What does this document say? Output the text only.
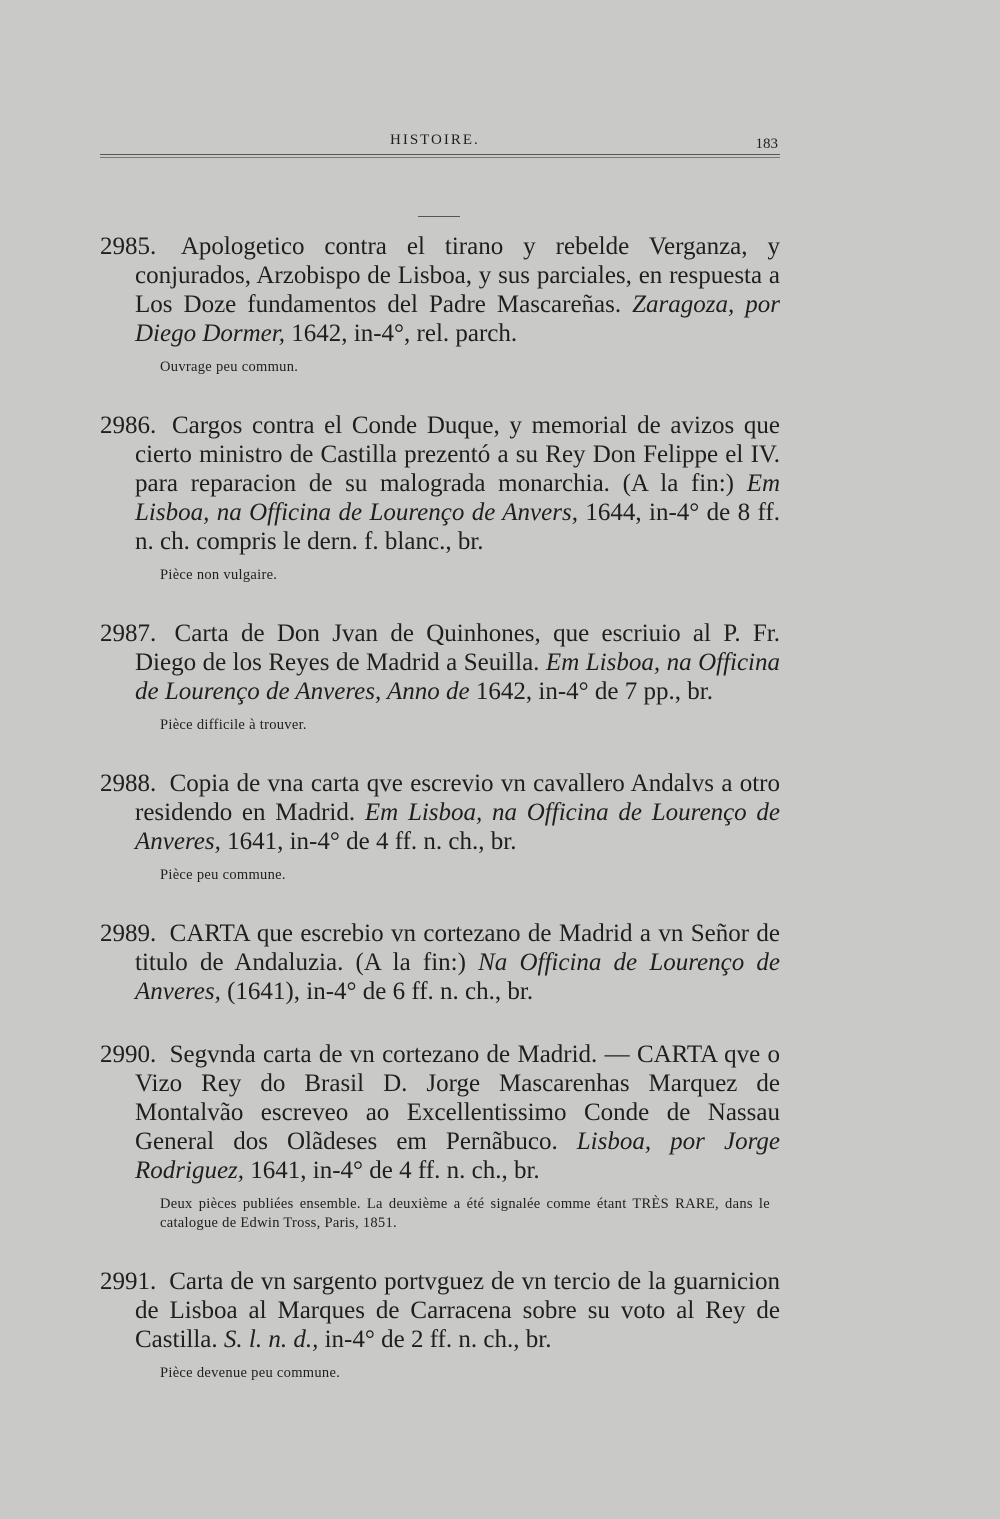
HISTOIRE.	183
2985. Apologetico contra el tirano y rebelde Verganza, y conjurados, Arzobispo de Lisboa, y sus parciales, en respuesta a Los Doze fundamentos del Padre Mascareñas. Zaragoza, por Diego Dormer, 1642, in-4°, rel. parch.
Ouvrage peu commun.
2986. Cargos contra el Conde Duque, y memorial de avizos que cierto ministro de Castilla prezentó a su Rey Don Felippe el IV. para reparacion de su malograda monarchia. (A la fin:) Em Lisboa, na Officina de Lourenço de Anvers, 1644, in-4° de 8 ff. n. ch. compris le dern. f. blanc., br.
Pièce non vulgaire.
2987. Carta de Don Jvan de Quinhones, que escriuio al P. Fr. Diego de los Reyes de Madrid a Seuilla. Em Lisboa, na Officina de Lourenço de Anveres, Anno de 1642, in-4° de 7 pp., br.
Pièce difficile à trouver.
2988. Copia de vna carta qve escrevio vn cavallero Andalvs a otro residendo en Madrid. Em Lisboa, na Officina de Lourenço de Anveres, 1641, in-4° de 4 ff. n. ch., br.
Pièce peu commune.
2989. CARTA que escrebio vn cortezano de Madrid a vn Señor de titulo de Andaluzia. (A la fin:) Na Officina de Lourenço de Anveres, (1641), in-4° de 6 ff. n. ch., br.
2990. Segvnda carta de vn cortezano de Madrid. — CARTA qve o Vizo Rey do Brasil D. Jorge Mascarenhas Marquez de Montalvão escreveo ao Excellentissimo Conde de Nassau General dos Olãdeses em Pernãbuco. Lisboa, por Jorge Rodriguez, 1641, in-4° de 4 ff. n. ch., br.
Deux pièces publiées ensemble. La deuxième a été signalée comme étant TRÈS RARE, dans le catalogue de Edwin Tross, Paris, 1851.
2991. Carta de vn sargento portvguez de vn tercio de la guarnicion de Lisboa al Marques de Carracena sobre su voto al Rey de Castilla. S. l. n. d., in-4° de 2 ff. n. ch., br.
Pièce devenue peu commune.
